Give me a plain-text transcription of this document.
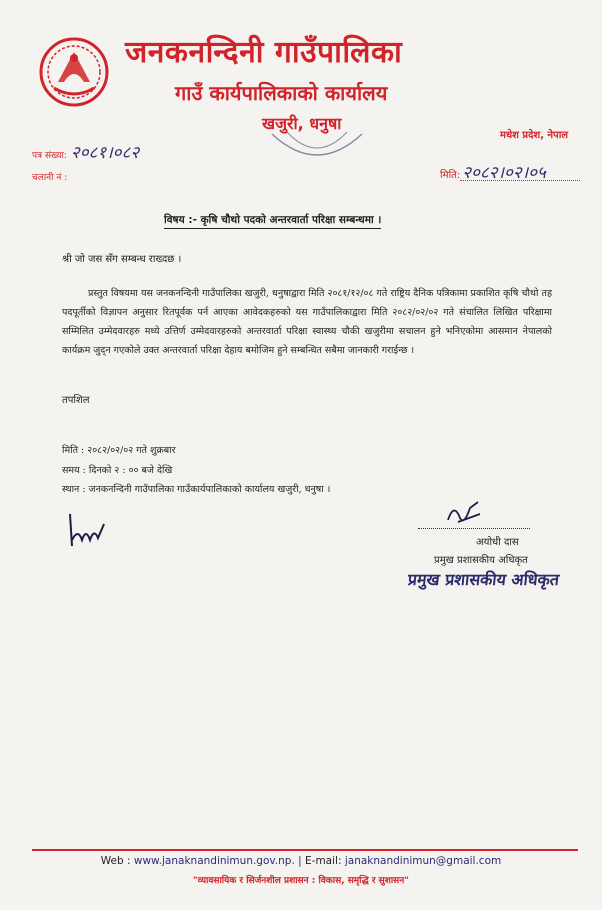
जनकनन्दिनी गाउँपालिका
गाउँ कार्यपालिकाको कार्यालय
खजुरी, धनुषा
मधेश प्रदेश, नेपाल
पत्र संख्या: २०८१।०८२
चलानी नं :	मिति: २०८२।०२।०५
विषय :- कृषि चौथो पदको अन्तरवार्ता परिक्षा सम्बन्धमा ।
श्री जो जस सँग सम्बन्ध राख्दछ ।

प्रस्तुत विषयमा यस जनकनन्दिनी गाउँपालिका खजुरी, धनुषाद्वारा मिति २०८१/१२/०८ गते राष्ट्रिय दैनिक पत्रिकामा प्रकाशित कृषि चौथो तह पदपूर्तीको विज्ञापन अनुसार रितपूर्वक पर्न आएका आवेदकहरुको यस गाउँपालिकाद्वारा मिति २०८२/०२/०२ गते संचालित लिखित परिक्षामा सम्मिलित उम्मेदवारहरु मध्ये उत्तिर्ण उम्मेदवारहरुको अन्तरवार्ता परिक्षा स्वास्थ्य चौकी खजुरीमा सचालन हुने भनिएकोमा आसमान नेपालको कार्यक्रम जुद्न गएकोले उक्त अन्तरवार्ता परिक्षा देहाय बमोजिम हुने सम्बन्धित सबैमा जानकारी गराईन्छ ।

तपशिल
मिति : २०८२/०२/०२ गते शुक्रबार
समय : दिनको २ : ०० बजे देखि
स्थान : जनकनन्दिनी गाउँपालिका गाउँकार्यपालिकाको कार्यालय खजुरी, धनुषा ।
अयोधी दास
प्रमुख प्रशासकीय अधिकृत
प्रमुख प्रशासकीय अधिकृत
Web : www.janaknandinimun.gov.np. | E-mail: janaknandinimun@gmail.com
"व्यावसायिक र सिर्जनशील प्रशासन : विकास, समृद्धि र सुशासन"
